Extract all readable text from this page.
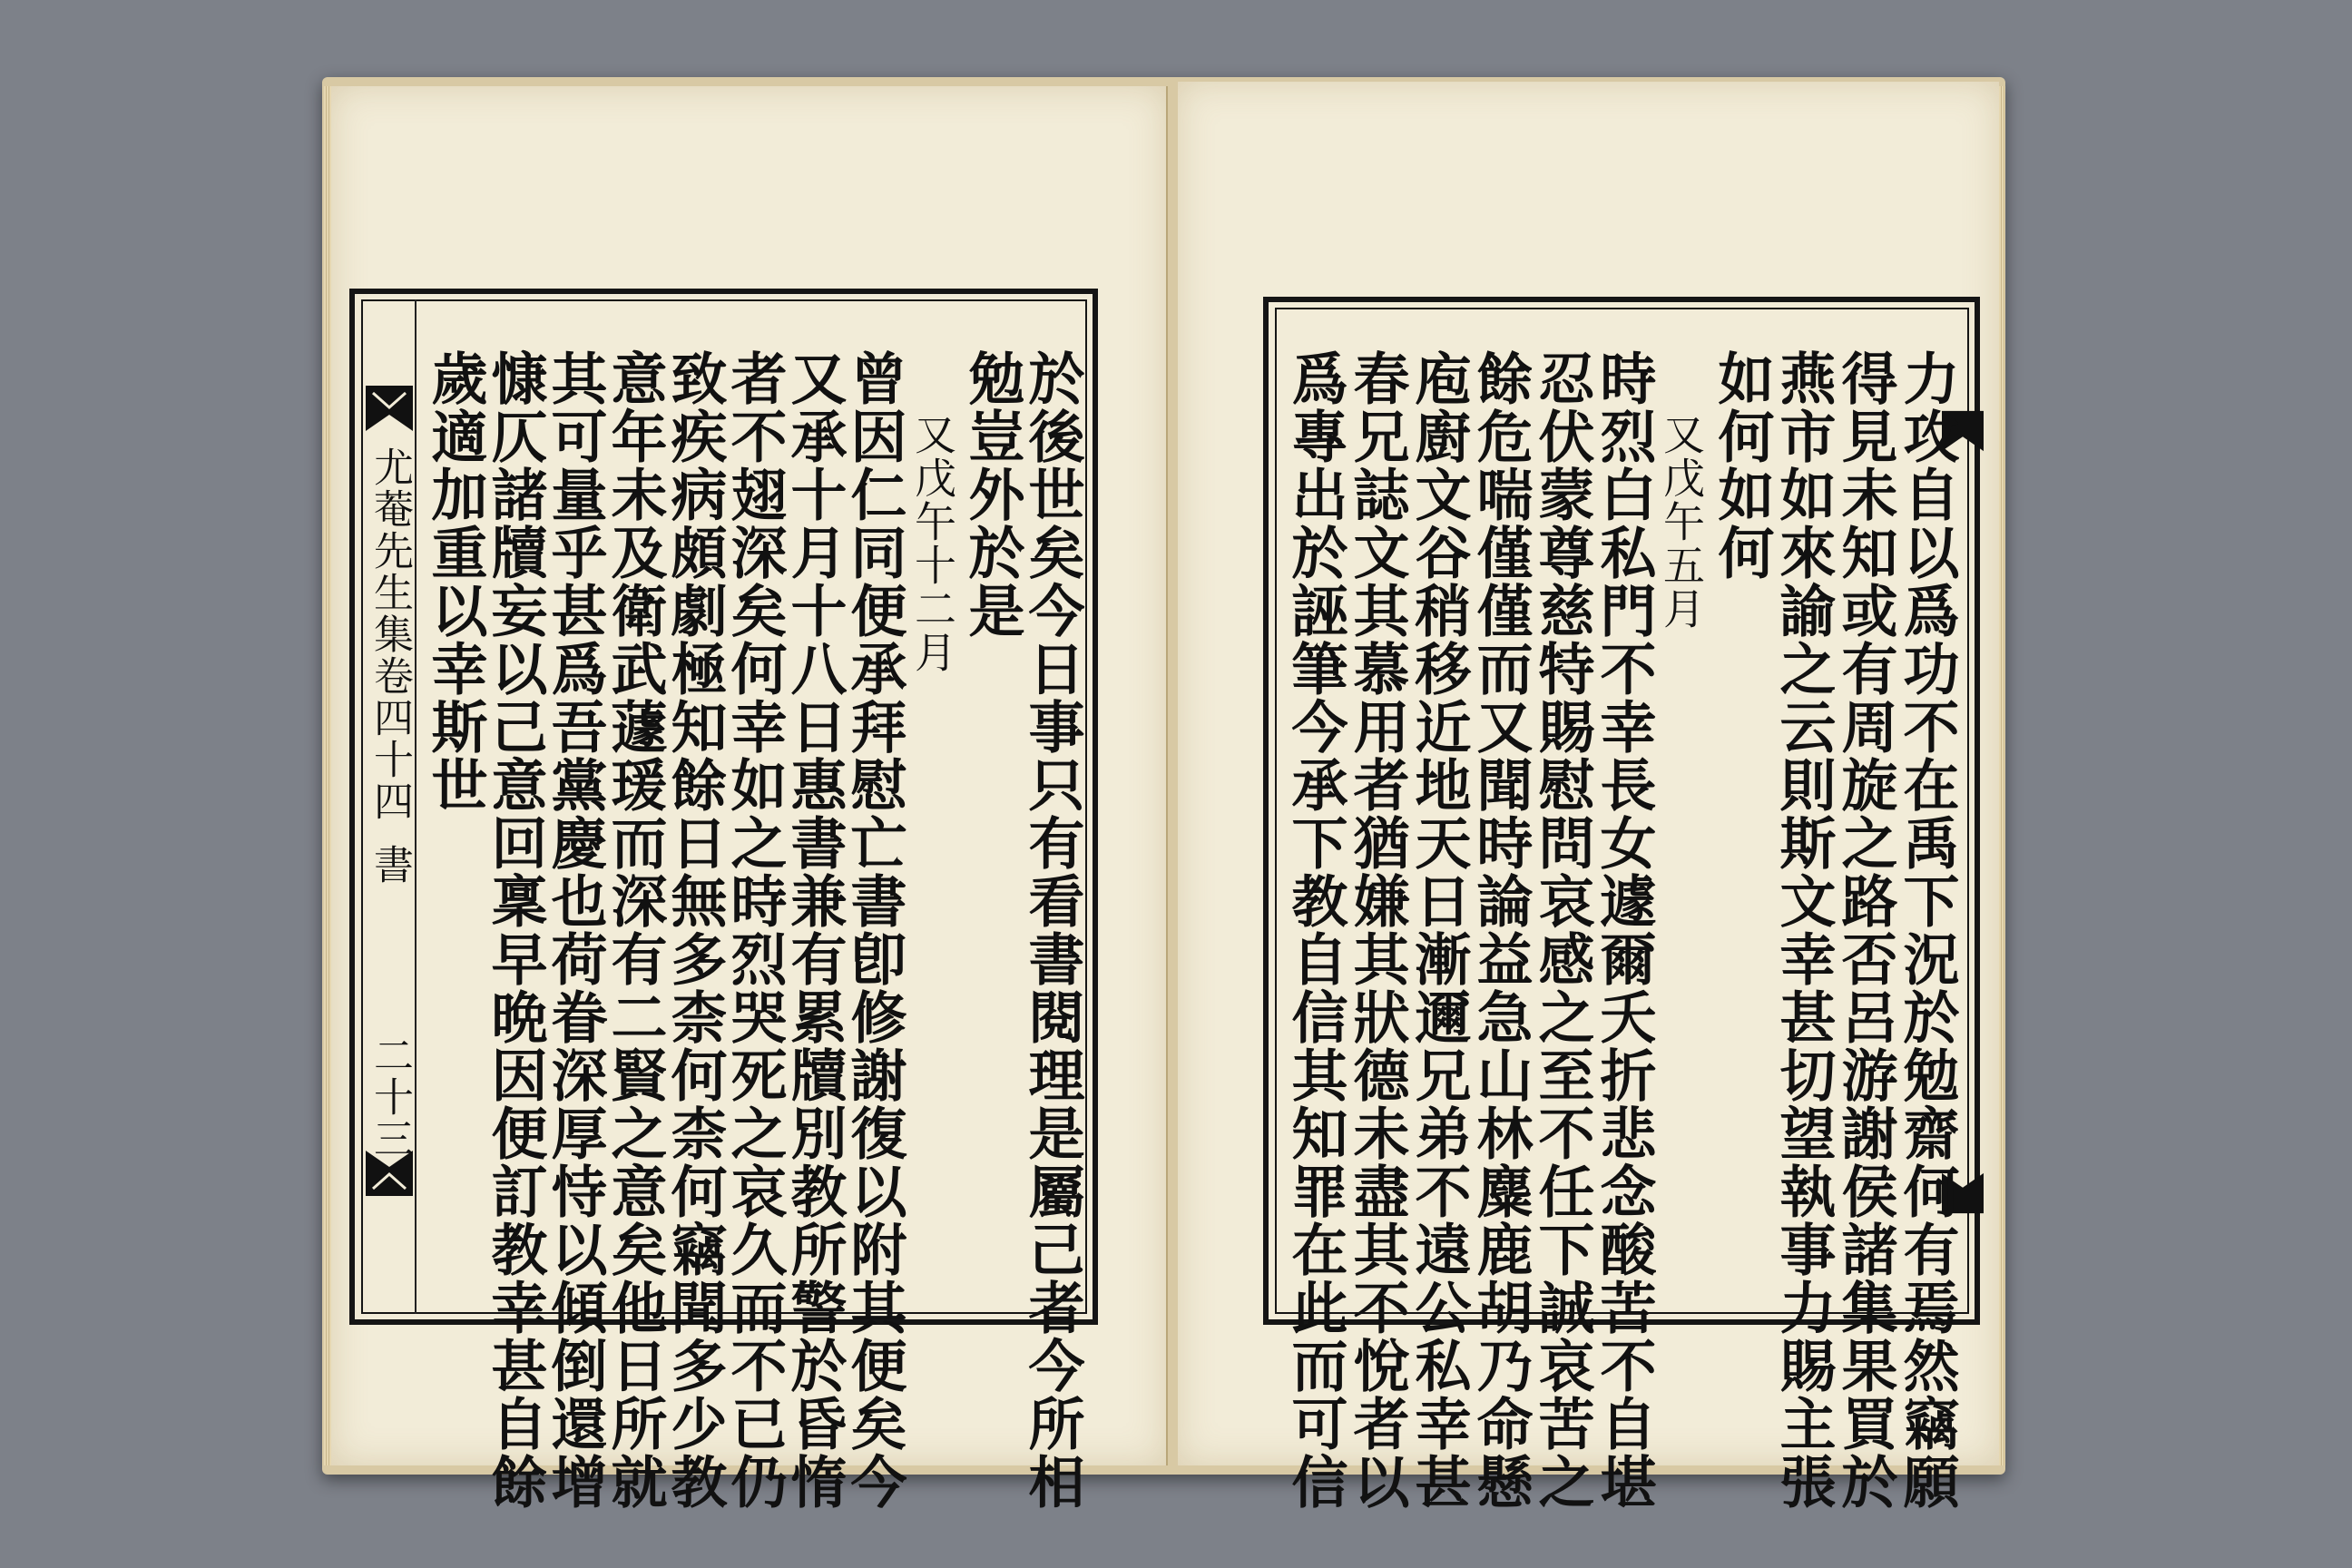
尤菴先生集卷四十四
書
二十三	於後世矣今日事只有看書閱理是屬己者今所相
勉豈外於是
又戊午十二月
曾因仁同便承拜慰亡書卽修謝復以附其便矣今
又承十月十八日惠書兼有累牘別教所警於昏惰
者不翅深矣何幸如之時烈哭死之哀久而不已仍
致疾病頗劇極知餘日無多柰何柰何竊聞多少教
意年未及衛武蘧瑗而深有二賢之意矣他日所就
其可量乎甚爲吾黨慶也荷眷深厚恃以傾倒還增
慷仄諸牘妄以己意回稟早晩因便訂教幸甚自餘
歲適加重以幸斯世	力攻自以爲功不在禹下況於勉齋何有焉然竊願
得見未知或有周旋之路否呂游謝侯諸集果買於
燕市如來諭之云則斯文幸甚切望執事力賜主張
如何如何
又戊午五月
時烈白私門不幸長女遽爾夭折悲念酸苦不自堪
忍伏蒙尊慈特賜慰問哀感之至不任下誠哀苦之
餘危喘僅僅而又聞時論益急山林麋鹿胡乃命懸
庖廚文谷稍移近地天日漸邇兄弟不遠公私幸甚
春兄誌文其慕用者猶嫌其狀德未盡其不悅者以
爲專出於誣筆今承下教自信其知罪在此而可信
